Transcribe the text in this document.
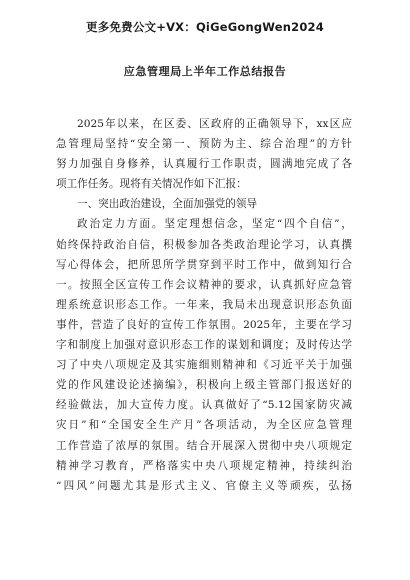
更多免费公文+VX：QiGeGongWen2024
应急管理局上半年工作总结报告
2025年以来，在区委、区政府的正确领导下，xx区应
急管理局坚持“安全第一、预防为主、综合治理”的方针
努力加强自身修养，认真履行工作职责，圆满地完成了各
项工作任务。现将有关情况作如下汇报：
一、突出政治建设，全面加强党的领导
政治定力方面。坚定理想信念，坚定“四个自信”，
始终保持政治自信，积极参加各类政治理论学习，认真撰
写心得体会，把所思所学贯穿到平时工作中，做到知行合
一。按照全区宣传工作会议精神的要求，认真抓好应急管
理系统意识形态工作。一年来，我局未出现意识形态负面
事件，营造了良好的宣传工作氛围。2025年，主要在学习
字和制度上加强对意识形态工作的谋划和调度；及时传达学
习了中央八项规定及其实施细则精神和《习近平关于加强
党的作风建设论述摘编》，积极向上级主管部门报送好的
经验做法，加大宣传力度。认真做好了“5.12国家防灾减
灾日”和“全国安全生产月”各项活动，为全区应急管理
工作营造了浓厚的氛围。结合开展深入贯彻中央八项规定
精神学习教育，严格落实中央八项规定精神，持续纠治
“四风”问题尤其是形式主义、官僚主义等顽疾，弘扬
